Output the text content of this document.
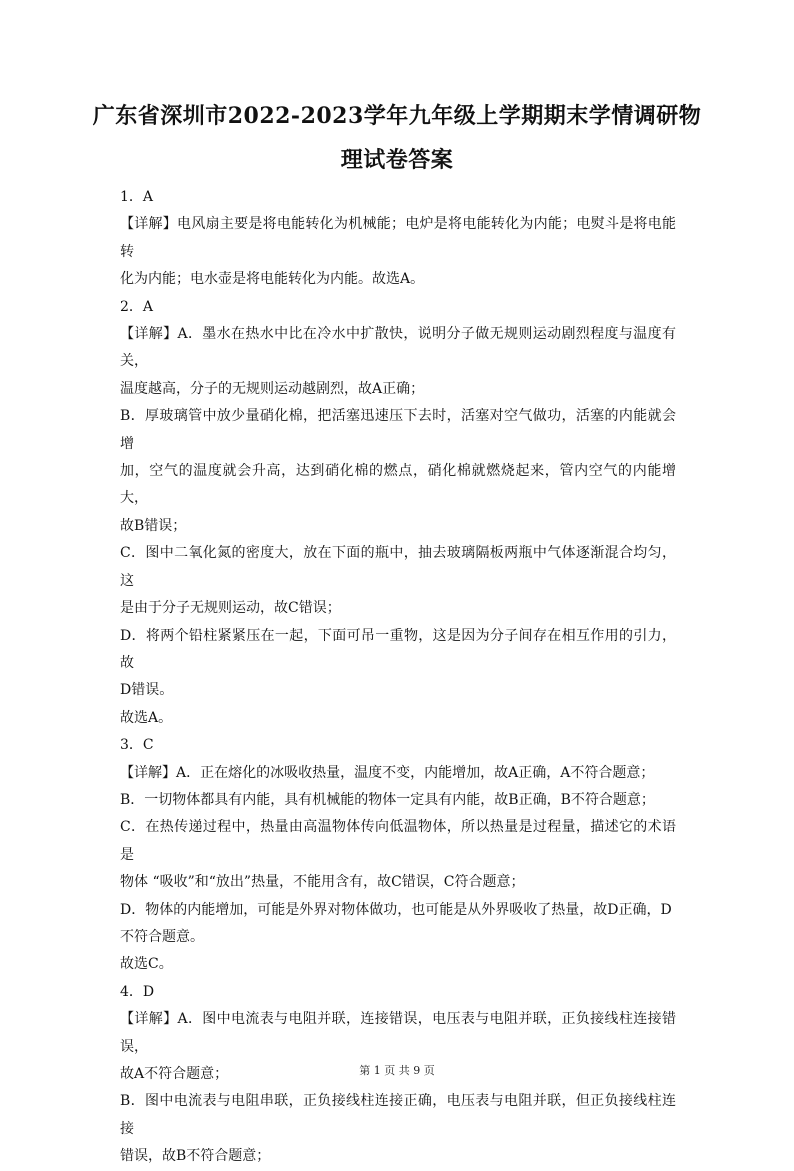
广东省深圳市2022-2023学年九年级上学期期末学情调研物
理试卷答案

1．A

【详解】电风扇主要是将电能转化为机械能；电炉是将电能转化为内能；电熨斗是将电能转

化为内能；电水壶是将电能转化为内能。故选A。

2．A

【详解】A．墨水在热水中比在冷水中扩散快，说明分子做无规则运动剧烈程度与温度有关，

温度越高，分子的无规则运动越剧烈，故A正确；

B．厚玻璃管中放少量硝化棉，把活塞迅速压下去时，活塞对空气做功，活塞的内能就会增

加，空气的温度就会升高，达到硝化棉的燃点，硝化棉就燃烧起来，管内空气的内能增大，

故B错误；

C．图中二氧化氮的密度大，放在下面的瓶中，抽去玻璃隔板两瓶中气体逐渐混合均匀，这

是由于分子无规则运动，故C错误；

D．将两个铅柱紧紧压在一起，下面可吊一重物，这是因为分子间存在相互作用的引力，故

D错误。

故选A。

3．C

【详解】A．正在熔化的冰吸收热量，温度不变，内能增加，故A正确，A不符合题意；

B．一切物体都具有内能，具有机械能的物体一定具有内能，故B正确，B不符合题意；

C．在热传递过程中，热量由高温物体传向低温物体，所以热量是过程量，描述它的术语是

物体 “吸收”和“放出”热量，不能用含有，故C错误，C符合题意；

D．物体的内能增加，可能是外界对物体做功，也可能是从外界吸收了热量，故D正确，D

不符合题意。

故选C。

4．D

【详解】A．图中电流表与电阻并联，连接错误，电压表与电阻并联，正负接线柱连接错误，

故A不符合题意；

B．图中电流表与电阻串联，正负接线柱连接正确，电压表与电阻并联，但正负接线柱连接

错误，故B不符合题意；

第 1 页 共 9 页
